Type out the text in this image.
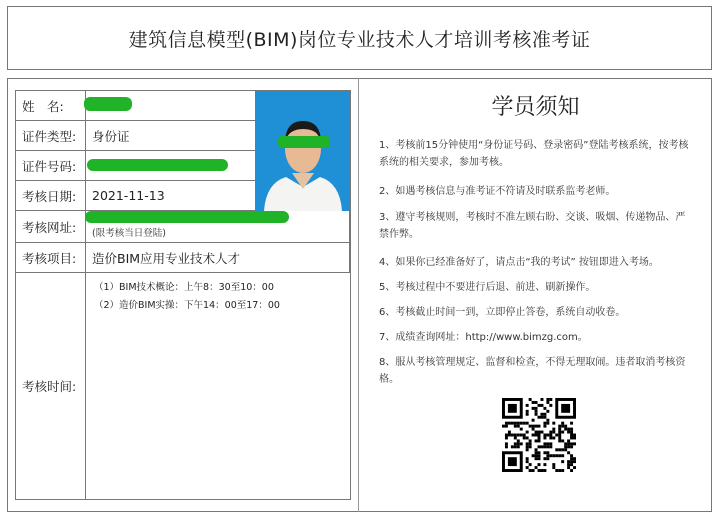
建筑信息模型(BIM)岗位专业技术人才培训考核准考证
姓　名:
证件类型:	身份证
证件号码:
考核日期:	2021-11-13
考核网址:	(限考核当日登陆)
考核项目:	造价BIM应用专业技术人才
考核时间:
（1）BIM技术概论：上午8：30至10：00
（2）造价BIM实操：下午14：00至17：00
学员须知
1、考核前15分钟使用“身份证号码、登录密码”登陆考核系统，按考核系统的相关要求，参加考核。
2、如遇考核信息与准考证不符请及时联系监考老师。
3、遵守考核规则，考核时不准左顾右盼、交谈、吸烟、传递物品、严禁作弊。
4、如果你已经准备好了，请点击“我的考试” 按钮即进入考场。
5、考核过程中不要进行后退、前进、刷新操作。
6、考核截止时间一到，立即停止答卷，系统自动收卷。
7、成绩查询网址：http://www.bimzg.com。
8、服从考核管理规定、监督和检查，不得无理取闹。违者取消考核资格。
